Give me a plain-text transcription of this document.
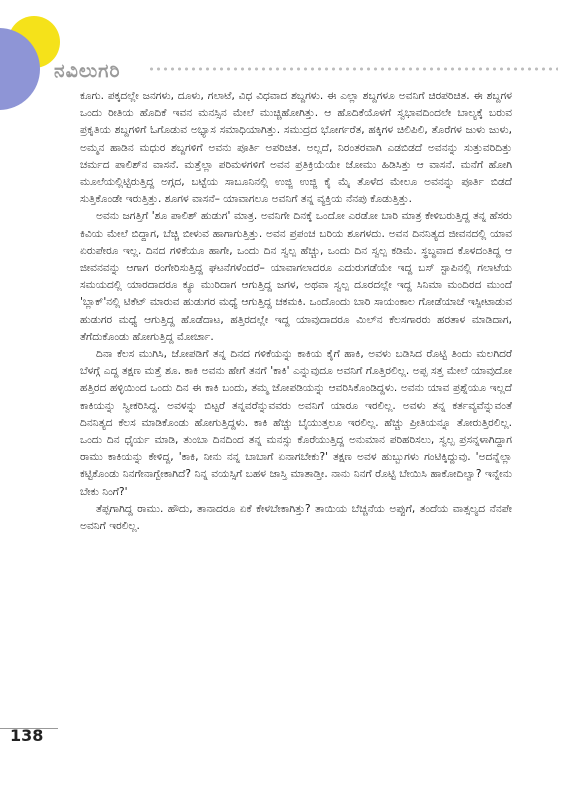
ನವಿಲುಗರಿ

ಕೂಗು. ಪಕ್ಕದಲ್ಲೇ ಜನಗಳು, ದೂಳು, ಗಲಾಟೆ, ವಿಧ ವಿಧವಾದ ಶಬ್ದಗಳು. ಈ ಎಲ್ಲಾ ಶಬ್ದಗಳೂ ಅವನಿಗೆ ಚಿರಪರಿಚಿತ. ಈ ಶಬ್ದಗಳ ಒಂದು ರೀತಿಯ ಹೊದಿಕೆ ಇವನ ಮನಸ್ಸಿನ ಮೇಲೆ ಮುಚ್ಚಿಹೋಗಿತ್ತು. ಆ ಹೊದಿಕೆಯೊಳಗೆ ಸ್ವಭಾವದಿಂದಲೇ ಬಾಲ್ಯಕ್ಕೆ ಬರುವ ಪ್ರಕೃತಿಯ ಶಬ್ದಗಳಿಗೆ ಓಗೊಡುವ ಅಭ್ಯಾಸ ಸಮಾಧಿಯಾಗಿತ್ತು. ಸಮುದ್ರದ ಭೋರ್ಗರೆತ, ಹಕ್ಕಿಗಳ ಚಿಲಿಪಿಲಿ, ತೊರೆಗಳ ಜುಳು ಜುಳು, ಅಮ್ಮನ ಹಾಡಿನ ಮಧುರ ಶಬ್ದಗಳಿಗೆ ಅವನು ಪೂರ್ತಿ ಅಪರಿಚಿತ. ಅಲ್ಲದೆ, ನಿರಂತರವಾಗಿ ಎಡಬಿಡದೆ ಅವನನ್ನು ಸುತ್ತುವರಿದಿತ್ತು ಚರ್ಮದ ಪಾಲಿಶ್‌ನ ವಾಸನೆ. ಮತ್ತೆಲ್ಲಾ ಪರಿಮಳಗಳಿಗೆ ಅವನ ಪ್ರತಿಕ್ರಿಯೆಯೇ ಜೋಮು ಹಿಡಿಸಿತ್ತು ಆ ವಾಸನೆ. ಮನೆಗೆ ಹೋಗಿ ಮೂಲೆಯಲ್ಲಿಟ್ಟಿರುತ್ತಿದ್ದ ಅಗ್ಗದ, ಬಟ್ಟೆಯ ಸಾಬೂನಿನಲ್ಲಿ ಉಜ್ಜಿ ಉಜ್ಜಿ ಕೈ ಮೈ ತೊಳೆದ ಮೇಲೂ ಅವನನ್ನು ಪೂರ್ತಿ ಬಿಡದೆ ಸುತ್ತಿಕೊಂಡೇ ಇರುತ್ತಿತ್ತು. ಶೂಗಳ ವಾಸನೆ– ಯಾವಾಗಲೂ ಅವನಿಗೆ ತನ್ನ ವ್ಯಕ್ತಿಯ ನೆನಪು ಕೊಡುತ್ತಿತ್ತು.

ಅವನು ಜಗತ್ತಿಗೆ 'ಶೂ ಪಾಲಿಶ್ ಹುಡುಗ' ಮಾತ್ರ. ಅವನಿಗೇ ದಿನಕ್ಕೆ ಒಂದೋ ಎರಡೋ ಬಾರಿ ಮಾತ್ರ ಕೇಳಿಬರುತ್ತಿದ್ದ ತನ್ನ ಹೆಸರು ಕಿವಿಯ ಮೇಲೆ ಬಿದ್ದಾಗ, ಬೆಚ್ಚಿ ಬೀಳುವ ಹಾಗಾಗುತ್ತಿತ್ತು. ಅವನ ಪ್ರಪಂಚ ಬರಿಯ ಶೂಗಳದು. ಅವನ ದಿನನಿತ್ಯದ ಜೀವನದಲ್ಲಿ ಯಾವ ಏರುಪೇರೂ ಇಲ್ಲ. ದಿನದ ಗಳಿಕೆಯೂ ಹಾಗೇ, ಒಂದು ದಿನ ಸ್ವಲ್ಪ ಹೆಚ್ಚು, ಒಂದು ದಿನ ಸ್ವಲ್ಪ ಕಡಿಮೆ. ಸ್ಥಬ್ಧವಾದ ಕೊಳದಂತಿದ್ದ ಆ ಜೀವನವನ್ನು ಆಗಾಗ ರಂಗೇರಿಸುತ್ತಿದ್ದ ಘಟನೆಗಳೆಂದರೆ– ಯಾವಾಗಲಾದರೂ ಎದುರುಗಡೆಯೇ ಇದ್ದ ಬಸ್ ಸ್ಟಾಪಿನಲ್ಲಿ ಗಲಾಟೆಯ ಸಮಯದಲ್ಲಿ ಯಾರದಾದರೂ ಕ್ಯೂ ಮುರಿದಾಗ ಆಗುತ್ತಿದ್ದ ಜಗಳ, ಅಥವಾ ಸ್ವಲ್ಪ ದೂರದಲ್ಲೇ ಇದ್ದ ಸಿನಿಮಾ ಮಂದಿರದ ಮುಂದೆ 'ಬ್ಲಾಕ್'ನಲ್ಲಿ ಟಿಕೆಟ್ ಮಾರುವ ಹುಡುಗರ ಮಧ್ಯೆ ಆಗುತ್ತಿದ್ದ ಚಕಮಕಿ. ಒಂದೊಂದು ಬಾರಿ ಸಾಯಂಕಾಲ ಗೋಡೆಯಾಚೆ ಇಸ್ಪೀಟಾಡುವ ಹುಡುಗರ ಮಧ್ಯೆ ಆಗುತ್ತಿದ್ದ ಹೊಡೆದಾಟ, ಹತ್ತಿರದಲ್ಲೇ ಇದ್ದ ಯಾವುದಾದರೂ ಮಿಲ್‌ನ ಕೆಲಸಗಾರರು ಹರತಾಳ ಮಾಡಿದಾಗ, ತೆಗೆದುಕೊಂಡು ಹೋಗುತ್ತಿದ್ದ ಮೋರ್ಚಾ.

ದಿನಾ ಕೆಲಸ ಮುಗಿಸಿ, ಜೋಪಡಿಗೆ ತನ್ನ ದಿನದ ಗಳಿಕೆಯನ್ನು ಕಾಕಿಯ ಕೈಗೆ ಹಾಕಿ, ಅವಳು ಬಡಿಸಿದ ರೊಟ್ಟಿ ತಿಂದು ಮಲಗಿದರೆ ಬೆಳಗ್ಗೆ ಎದ್ದ ತಕ್ಷಣ ಮತ್ತೆ ಶೂ. ಕಾಕಿ ಅವನು ಹೇಗೆ ತನಗೆ 'ಕಾಕಿ' ಎನ್ನುವುದೂ ಅವನಿಗೆ ಗೊತ್ತಿರಲಿಲ್ಲ. ಅಪ್ಪ ಸತ್ತ ಮೇಲೆ ಯಾವುದೋ ಹತ್ತಿರದ ಹಳ್ಳಿಯಿಂದ ಒಂದು ದಿನ ಈ ಕಾಕಿ ಬಂದು, ತಮ್ಮ ಜೋಪಡಿಯನ್ನು ಆವರಿಸಿಕೊಂಡಿದ್ದಳು. ಅವನು ಯಾವ ಪ್ರಶ್ನೆಯೂ ಇಲ್ಲದೆ ಕಾಕಿಯನ್ನು ಸ್ವೀಕರಿಸಿದ್ದ. ಅವಳನ್ನು ಬಿಟ್ಟರೆ ತನ್ನವರೆನ್ನುವವರು ಅವನಿಗೆ ಯಾರೂ ಇರಲಿಲ್ಲ. ಅವಳು ತನ್ನ ಕರ್ತವ್ಯವೆನ್ನುವಂತೆ ದಿನನಿತ್ಯದ ಕೆಲಸ ಮಾಡಿಕೊಂಡು ಹೋಗುತ್ತಿದ್ದಳು. ಕಾಕಿ ಹೆಚ್ಚು ಬೈಯುತ್ತಲೂ ಇರಲಿಲ್ಲ. ಹೆಚ್ಚು ಪ್ರೀತಿಯನ್ನೂ ತೋರುತ್ತಿರಲಿಲ್ಲ. ಒಂದು ದಿನ ಧೈರ್ಯ ಮಾಡಿ, ತುಂಬಾ ದಿನದಿಂದ ತನ್ನ ಮನಸ್ಸು ಕೊರೆಯುತ್ತಿದ್ದ ಅನುಮಾನ ಪರಿಹರಿಸಲು, ಸ್ವಲ್ಪ ಪ್ರಸನ್ನಳಾಗಿದ್ದಾಗ ರಾಮು ಕಾಕಿಯನ್ನು ಕೇಳಿದ್ದ, 'ಕಾಕಿ, ನೀನು ನನ್ನ ಬಾಬಾಗೆ ಏನಾಗಬೇಕು?' ತಕ್ಷಣ ಅವಳ ಹುಬ್ಬುಗಳು ಗಂಟಿಕ್ಕಿದ್ದುವು. 'ಅದನ್ನೆಲ್ಲಾ ಕಟ್ಟಿಕೊಂಡು ನಿನಗೇನಾಗ್ಬೇಕಾಗಿದೆ? ನಿನ್ನ ವಯಸ್ಸಿಗೆ ಬಹಳ ಜಾಸ್ತಿ ಮಾತಾಡ್ತೀ. ನಾನು ನಿನಗೆ ರೊಟ್ಟಿ ಬೇಯಿಸಿ ಹಾಕೋದಿಲ್ವಾ? ಇನ್ನೇನು ಬೇಕು ನಿಂಗೆ?'

ತೆಪ್ಪಗಾಗಿದ್ದ ರಾಮು. ಹೌದು, ತಾನಾದರೂ ಏಕೆ ಕೇಳಬೇಕಾಗಿತ್ತು? ತಾಯಿಯ ಬೆಚ್ಚನೆಯ ಅಪ್ಪುಗೆ, ತಂದೆಯ ವಾತ್ಸಲ್ಯದ ನೆನಪೇ ಅವನಿಗೆ ಇರಲಿಲ್ಲ.

138
